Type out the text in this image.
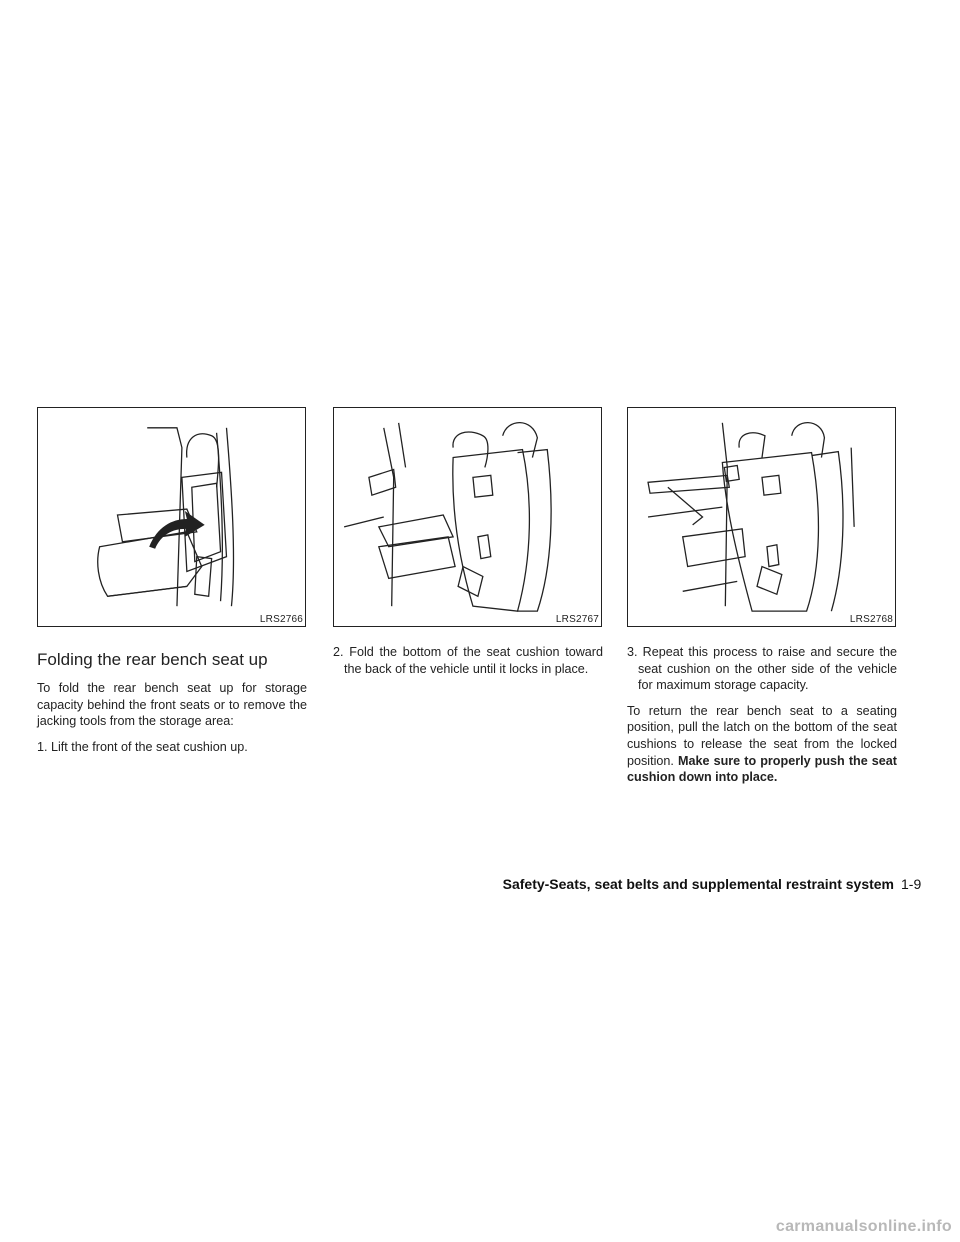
LRS2766	LRS2767	LRS2768
Folding the rear bench seat up

To fold the rear bench seat up for storage capacity behind the front seats or to remove the jacking tools from the storage area:

1. Lift the front of the seat cushion up.

2. Fold the bottom of the seat cushion toward the back of the vehicle until it locks in place.

3. Repeat this process to raise and secure the seat cushion on the other side of the vehicle for maximum storage capacity.

To return the rear bench seat to a seating position, pull the latch on the bottom of the seat cushions to release the seat from the locked position. Make sure to properly push the seat cushion down into place.

Safety-Seats, seat belts and supplemental restraint system 1-9
carmanualsonline.info
